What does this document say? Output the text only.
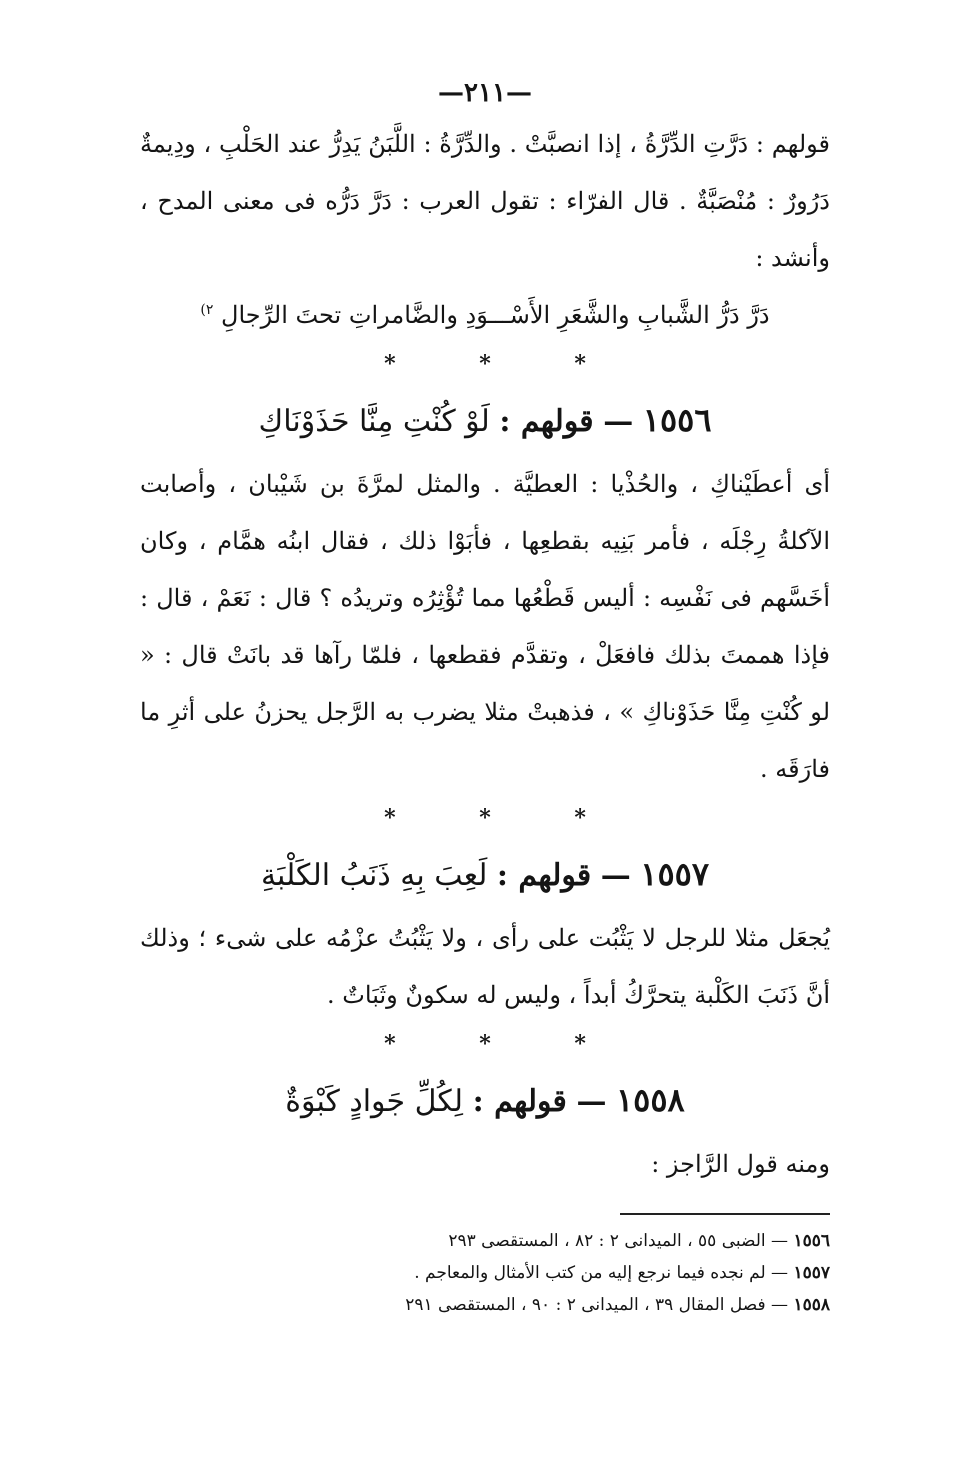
—٢١١—
قولهم : دَرَّتِ الدِّرَّةُ ، إذا انصبَّتْ . والدِّرَّةُ : اللَّبَنُ يَدِرُّ عند الحَلْبِ ، ودِيمةٌ دَرُورٌ : مُنْصَبَّةٌ . قال الفرّاء : تقول العرب : دَرَّ دَرُّه فى معنى المدح ، وأنشد :
دَرَّ دَرُّ الشَّبابِ والشَّعَرِ الأَسْـــوَدِ والضَّامراتِ تحتَ الرِّجالِ $^{٢)}$
* * *
١٥٥٦ — قولهم : لَوْ كُنْتِ مِنَّا حَذَوْنَاكِ
أى أعطَيْناكِ ، والحُذْيا : العطيَّة . والمثل لمرَّةَ بن شَيْبان ، وأصابت الآكلةُ رِجْلَه ، فأمر بَنِيه بقطعِها ، فأبَوْا ذلك ، فقال ابنُه همَّام ، وكان أخَسَّهم فى نَفْسِه : أليس قَطْعُها مما تُؤْثِرُه وتريدُه ؟ قال : نَعَمْ ، قال : فإذا هممتَ بذلك فافعَلْ ، وتقدَّم فقطعها ، فلمّا رآها قد بانَتْ قال : « لو كُنْتِ مِنَّا حَذَوْناكِ » ، فذهبتْ مثلا يضرب به الرَّجل يحزنُ على أثرِ ما فارَقَه .
* * *
١٥٥٧ — قولهم : لَعِبَ بِهِ ذَنَبُ الكَلْبَةِ
يُجعَل مثلا للرجل لا يَثْبُت على رأى ، ولا يَثْبُتُ عزْمُه على شىء ؛ وذلك أنَّ ذَنَبَ الكَلْبة يتحرَّكُ أبداً ، وليس له سكونٌ وثَبَاتٌ .
* * *
١٥٥٨ — قولهم : لِكُلِّ جَوادٍ كَبْوَةٌ
ومنه قول الرَّاجز :
١٥٥٦ — الضبى ٥٥ ، الميدانى ٢ : ٨٢ ، المستقصى ٢٩٣
١٥٥٧ — لم نجده فيما نرجع إليه من كتب الأمثال والمعاجم .
١٥٥٨ — فصل المقال ٣٩ ، الميدانى ٢ : ٩٠ ، المستقصى ٢٩١
